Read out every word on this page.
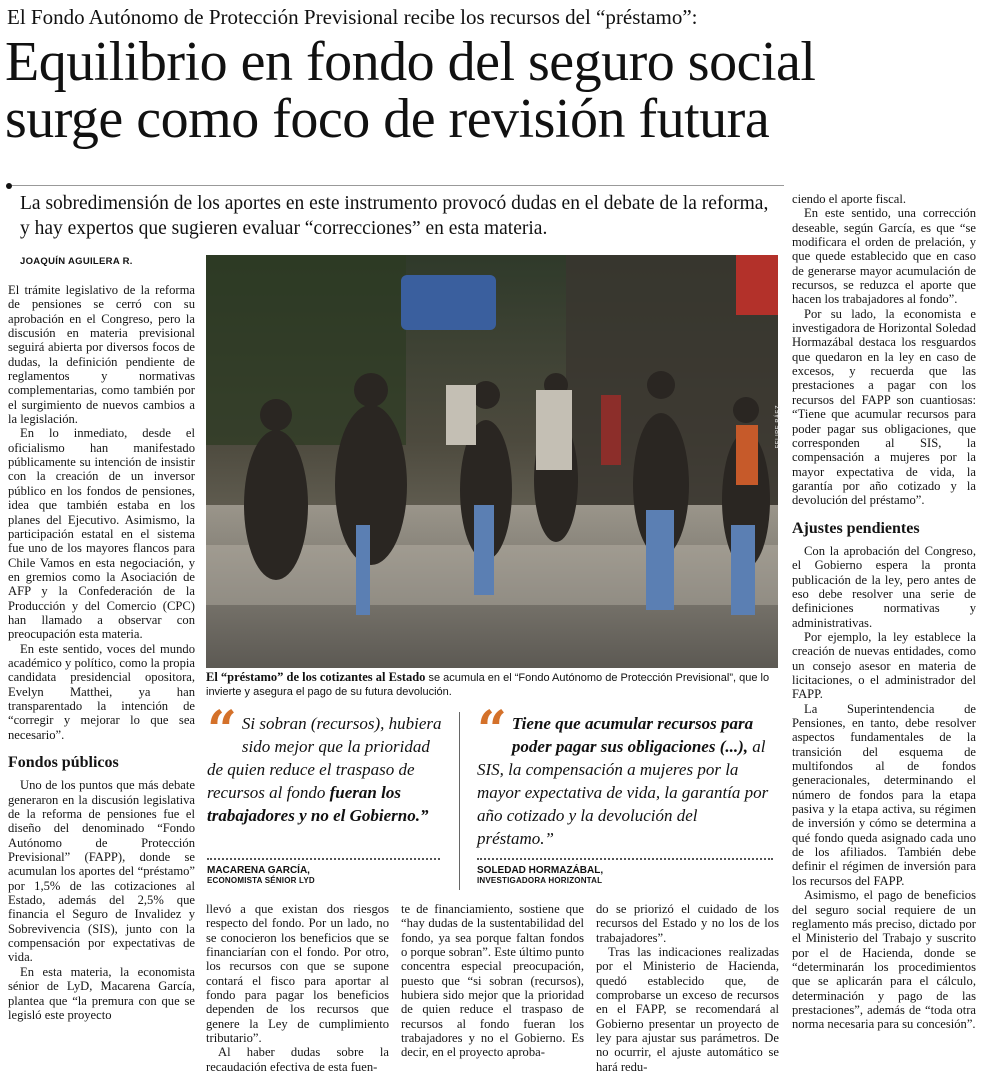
El Fondo Autónomo de Protección Previsional recibe los recursos del “préstamo”:
Equilibrio en fondo del seguro social
surge como foco de revisión futura
La sobredimensión de los aportes en este instrumento provocó dudas en el debate de la reforma, y hay expertos que sugieren evaluar “correcciones” en esta materia.
JOAQUÍN AGUILERA R.

El trámite legislativo de la reforma de pensiones se cerró con su aprobación en el Congreso, pero la discusión en materia previsional seguirá abierta por diversos focos de dudas, la definición pendiente de reglamentos y normativas complementarias, como también por el surgimiento de nuevos cambios a la legislación.

En lo inmediato, desde el oficialismo han manifestado públicamente su intención de insistir con la creación de un inversor público en los fondos de pensiones, idea que también estaba en los planes del Ejecutivo. Asimismo, la participación estatal en el sistema fue uno de los mayores flancos para Chile Vamos en esta negociación, y en gremios como la Asociación de AFP y la Confederación de la Producción y del Comercio (CPC) han llamado a observar con preocupación esta materia.

En este sentido, voces del mundo académico y político, como la propia candidata presidencial opositora, Evelyn Matthei, ya han transparentado la intención de “corregir y mejorar lo que sea necesario”.

Fondos públicos

Uno de los puntos que más debate generaron en la discusión legislativa de la reforma de pensiones fue el diseño del denominado “Fondo Autónomo de Protección Previsional” (FAPP), donde se acumulan los aportes del “préstamo” por 1,5% de las cotizaciones al Estado, además del 2,5% que financia el Seguro de Invalidez y Sobrevivencia (SIS), junto con la compensación por expectativas de vida.

En esta materia, la economista sénior de LyD, Macarena García, plantea que “la premura con que se legisló este proyecto

FELIPE BÁEZ
El “préstamo” de los cotizantes al Estado se acumula en el “Fondo Autónomo de Protección Previsional”, que lo invierte y asegura el pago de su futura devolución.
“ Si sobran (recursos), hubiera sido mejor que la prioridad de quien reduce el traspaso de recursos al fondo fueran los trabajadores y no el Gobierno.”
“ Tiene que acumular recursos para poder pagar sus obligaciones (...), al SIS, la compensación a mujeres por la mayor expectativa de vida, la garantía por año cotizado y la devolución del préstamo.”
MACARENA GARCÍA,
ECONOMISTA SÉNIOR LYD
SOLEDAD HORMAZÁBAL,
INVESTIGADORA HORIZONTAL

llevó a que existan dos riesgos respecto del fondo. Por un lado, no se conocieron los beneficios que se financiarían con el fondo. Por otro, los recursos con que se supone contará el fisco para aportar al fondo para pagar los beneficios dependen de los recursos que genere la Ley de cumplimiento tributario”.

Al haber dudas sobre la recaudación efectiva de esta fuen-

te de financiamiento, sostiene que “hay dudas de la sustentabilidad del fondo, ya sea porque faltan fondos o porque sobran”. Este último punto concentra especial preocupación, puesto que “si sobran (recursos), hubiera sido mejor que la prioridad de quien reduce el traspaso de recursos al fondo fueran los trabajadores y no el Gobierno. Es decir, en el proyecto aproba-

do se priorizó el cuidado de los recursos del Estado y no los de los trabajadores”.

Tras las indicaciones realizadas por el Ministerio de Hacienda, quedó establecido que, de comprobarse un exceso de recursos en el FAPP, se recomendará al Gobierno presentar un proyecto de ley para ajustar sus parámetros. De no ocurrir, el ajuste automático se hará redu-

ciendo el aporte fiscal.

En este sentido, una corrección deseable, según García, es que “se modificara el orden de prelación, y que quede establecido que en caso de generarse mayor acumulación de recursos, se reduzca el aporte que hacen los trabajadores al fondo”.

Por su lado, la economista e investigadora de Horizontal Soledad Hormazábal destaca los resguardos que quedaron en la ley en caso de excesos, y recuerda que las prestaciones a pagar con los recursos del FAPP son cuantiosas: “Tiene que acumular recursos para poder pagar sus obligaciones, que corresponden al SIS, la compensación a mujeres por la mayor expectativa de vida, la garantía por año cotizado y la devolución del préstamo”.

Ajustes pendientes

Con la aprobación del Congreso, el Gobierno espera la pronta publicación de la ley, pero antes de eso debe resolver una serie de definiciones normativas y administrativas.

Por ejemplo, la ley establece la creación de nuevas entidades, como un consejo asesor en materia de licitaciones, o el administrador del FAPP.

La Superintendencia de Pensiones, en tanto, debe resolver aspectos fundamentales de la transición del esquema de multifondos al de fondos generacionales, determinando el número de fondos para la etapa pasiva y la etapa activa, su régimen de inversión y cómo se determina a qué fondo queda asignado cada uno de los afiliados. También debe definir el régimen de inversión para los recursos del FAPP.

Asimismo, el pago de beneficios del seguro social requiere de un reglamento más preciso, dictado por el Ministerio del Trabajo y suscrito por el de Hacienda, donde se “determinarán los procedimientos que se aplicarán para el cálculo, determinación y pago de las prestaciones”, además de “toda otra norma necesaria para su concesión”.
